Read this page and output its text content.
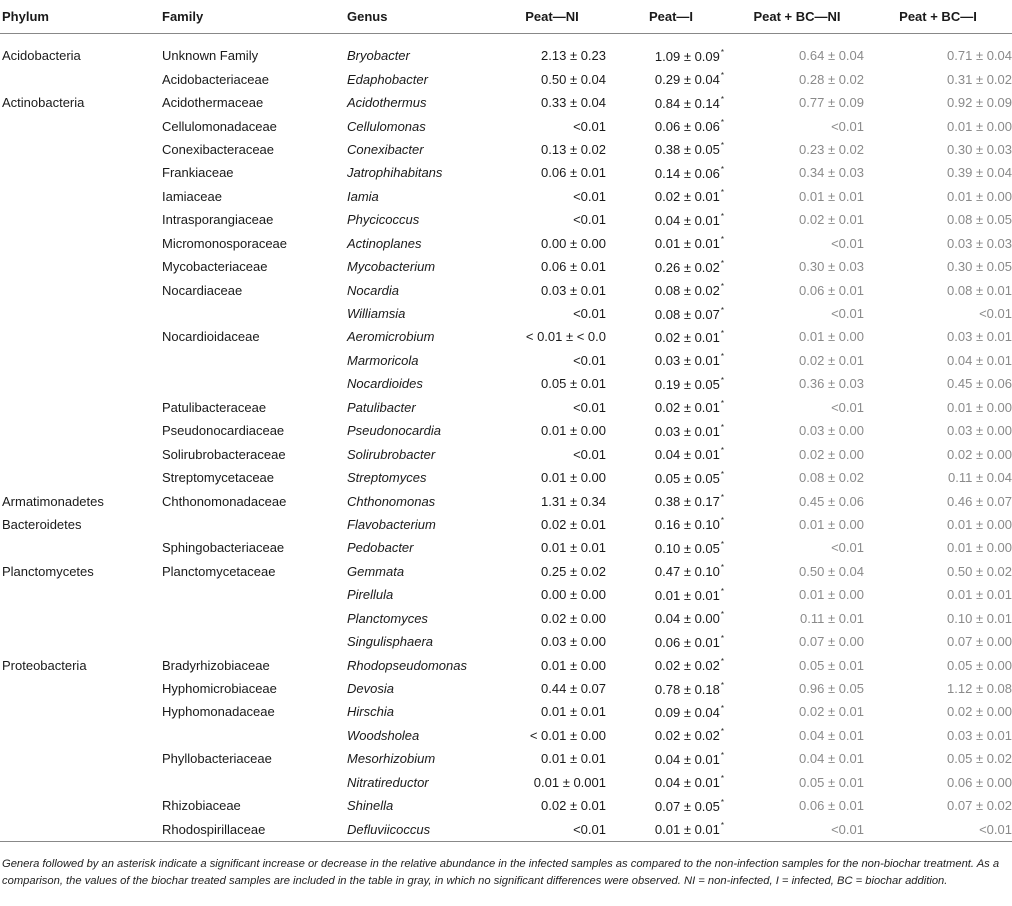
Phylum	Family	Genus	Peat—NI	Peat—I	Peat + BC—NI	Peat + BC—I

Acidobacteria	Unknown Family	Bryobacter	2.13 ± 0.23	1.09 ± 0.09*	0.64 ± 0.04	0.71 ± 0.04
	Acidobacteriaceae	Edaphobacter	0.50 ± 0.04	0.29 ± 0.04*	0.28 ± 0.02	0.31 ± 0.02
Actinobacteria	Acidothermaceae	Acidothermus	0.33 ± 0.04	0.84 ± 0.14*	0.77 ± 0.09	0.92 ± 0.09
	Cellulomonadaceae	Cellulomonas	<0.01	0.06 ± 0.06*	<0.01	0.01 ± 0.00
	Conexibacteraceae	Conexibacter	0.13 ± 0.02	0.38 ± 0.05*	0.23 ± 0.02	0.30 ± 0.03
	Frankiaceae	Jatrophihabitans	0.06 ± 0.01	0.14 ± 0.06*	0.34 ± 0.03	0.39 ± 0.04
	Iamiaceae	Iamia	<0.01	0.02 ± 0.01*	0.01 ± 0.01	0.01 ± 0.00
	Intrasporangiaceae	Phycicoccus	<0.01	0.04 ± 0.01*	0.02 ± 0.01	0.08 ± 0.05
	Micromonosporaceae	Actinoplanes	0.00 ± 0.00	0.01 ± 0.01*	<0.01	0.03 ± 0.03
	Mycobacteriaceae	Mycobacterium	0.06 ± 0.01	0.26 ± 0.02*	0.30 ± 0.03	0.30 ± 0.05
	Nocardiaceae	Nocardia	0.03 ± 0.01	0.08 ± 0.02*	0.06 ± 0.01	0.08 ± 0.01
		Williamsia	<0.01	0.08 ± 0.07*	<0.01	<0.01
	Nocardioidaceae	Aeromicrobium	< 0.01 ± < 0.0	0.02 ± 0.01*	0.01 ± 0.00	0.03 ± 0.01
		Marmoricola	<0.01	0.03 ± 0.01*	0.02 ± 0.01	0.04 ± 0.01
		Nocardioides	0.05 ± 0.01	0.19 ± 0.05*	0.36 ± 0.03	0.45 ± 0.06
	Patulibacteraceae	Patulibacter	<0.01	0.02 ± 0.01*	<0.01	0.01 ± 0.00
	Pseudonocardiaceae	Pseudonocardia	0.01 ± 0.00	0.03 ± 0.01*	0.03 ± 0.00	0.03 ± 0.00
	Solirubrobacteraceae	Solirubrobacter	<0.01	0.04 ± 0.01*	0.02 ± 0.00	0.02 ± 0.00
	Streptomycetaceae	Streptomyces	0.01 ± 0.00	0.05 ± 0.05*	0.08 ± 0.02	0.11 ± 0.04
Armatimonadetes	Chthonomonadaceae	Chthonomonas	1.31 ± 0.34	0.38 ± 0.17*	0.45 ± 0.06	0.46 ± 0.07
Bacteroidetes		Flavobacterium	0.02 ± 0.01	0.16 ± 0.10*	0.01 ± 0.00	0.01 ± 0.00
	Sphingobacteriaceae	Pedobacter	0.01 ± 0.01	0.10 ± 0.05*	<0.01	0.01 ± 0.00
Planctomycetes	Planctomycetaceae	Gemmata	0.25 ± 0.02	0.47 ± 0.10*	0.50 ± 0.04	0.50 ± 0.02
		Pirellula	0.00 ± 0.00	0.01 ± 0.01*	0.01 ± 0.00	0.01 ± 0.01
		Planctomyces	0.02 ± 0.00	0.04 ± 0.00*	0.11 ± 0.01	0.10 ± 0.01
		Singulisphaera	0.03 ± 0.00	0.06 ± 0.01*	0.07 ± 0.00	0.07 ± 0.00
Proteobacteria	Bradyrhizobiaceae	Rhodopseudomonas	0.01 ± 0.00	0.02 ± 0.02*	0.05 ± 0.01	0.05 ± 0.00
	Hyphomicrobiaceae	Devosia	0.44 ± 0.07	0.78 ± 0.18*	0.96 ± 0.05	1.12 ± 0.08
	Hyphomonadaceae	Hirschia	0.01 ± 0.01	0.09 ± 0.04*	0.02 ± 0.01	0.02 ± 0.00
		Woodsholea	< 0.01 ± 0.00	0.02 ± 0.02*	0.04 ± 0.01	0.03 ± 0.01
	Phyllobacteriaceae	Mesorhizobium	0.01 ± 0.01	0.04 ± 0.01*	0.04 ± 0.01	0.05 ± 0.02
		Nitratireductor	0.01 ± 0.001	0.04 ± 0.01*	0.05 ± 0.01	0.06 ± 0.00
	Rhizobiaceae	Shinella	0.02 ± 0.01	0.07 ± 0.05*	0.06 ± 0.01	0.07 ± 0.02
	Rhodospirillaceae	Defluviicoccus	<0.01	0.01 ± 0.01*	<0.01	<0.01
Genera followed by an asterisk indicate a significant increase or decrease in the relative abundance in the infected samples as compared to the non-infection samples for the non-biochar treatment. As a comparison, the values of the biochar treated samples are included in the table in gray, in which no significant differences were observed. NI = non-infected, I = infected, BC = biochar addition.
